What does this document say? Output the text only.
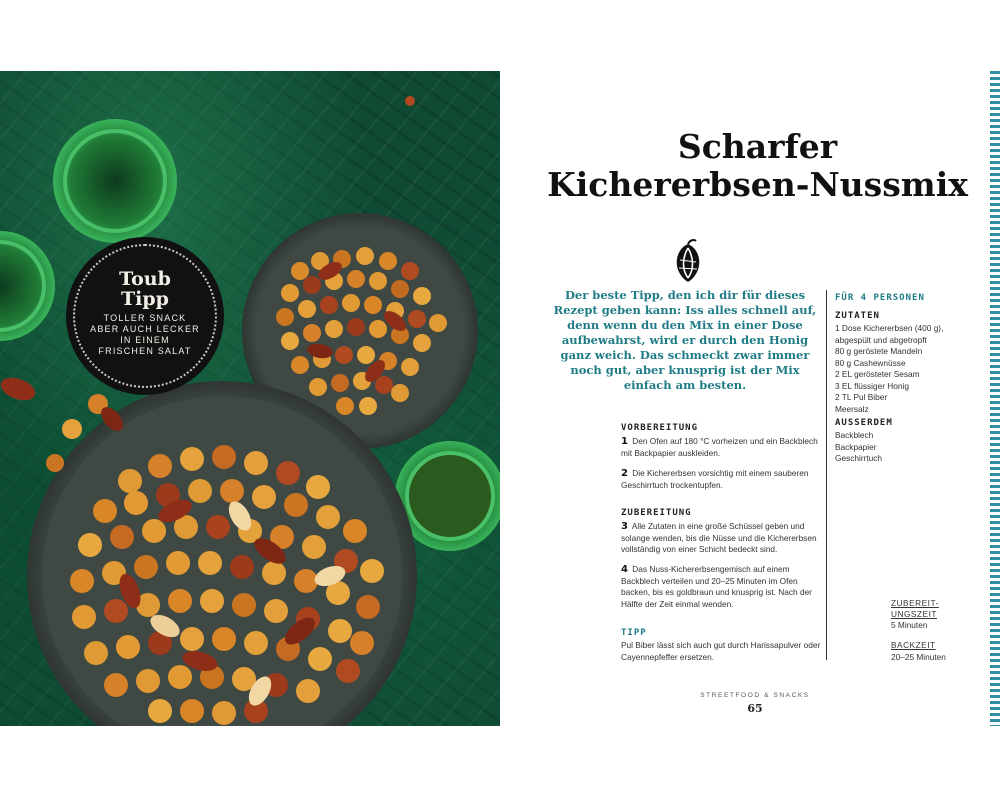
Toub
Tipp
TOLLER SNACK
ABER AUCH LECKER
IN EINEM
FRISCHEN SALAT
Scharfer
Kichererbsen-Nussmix
Der beste Tipp, den ich dir für dieses Rezept geben kann: Iss alles schnell auf, denn wenn du den Mix in einer Dose aufbewahrst, wird er durch den Honig ganz weich. Das schmeckt zwar immer noch gut, aber knusprig ist der Mix einfach am besten.
VORBEREITUNG
1 Den Ofen auf 180 °C vorheizen und ein Backblech mit Backpapier auskleiden.
2 Die Kichererbsen vorsichtig mit einem sauberen Geschirrtuch trockentupfen.
ZUBEREITUNG
3 Alle Zutaten in eine große Schüssel geben und solange wenden, bis die Nüsse und die Kichererbsen vollständig von einer Schicht bedeckt sind.
4 Das Nuss-Kichererbsengemisch auf einem Backblech verteilen und 20–25 Minuten im Ofen backen, bis es goldbraun und knusprig ist. Nach der Hälfte der Zeit einmal wenden.
TIPP
Pul Biber lässt sich auch gut durch Harissapulver oder Cayennepfeffer ersetzen.
FÜR 4 PERSONEN
ZUTATEN
1 Dose Kichererbsen (400 g),
abgespült und abgetropft
80 g geröstete Mandeln
80 g Cashewnüsse
2 EL gerösteter Sesam
3 EL flüssiger Honig
2 TL Pul Biber
Meersalz
AUSSERDEM
Backblech
Backpapier
Geschirrtuch
ZUBEREIT-
UNGSZEIT
5 Minuten
BACKZEIT
20–25 Minuten
STREETFOOD & SNACKS
65
